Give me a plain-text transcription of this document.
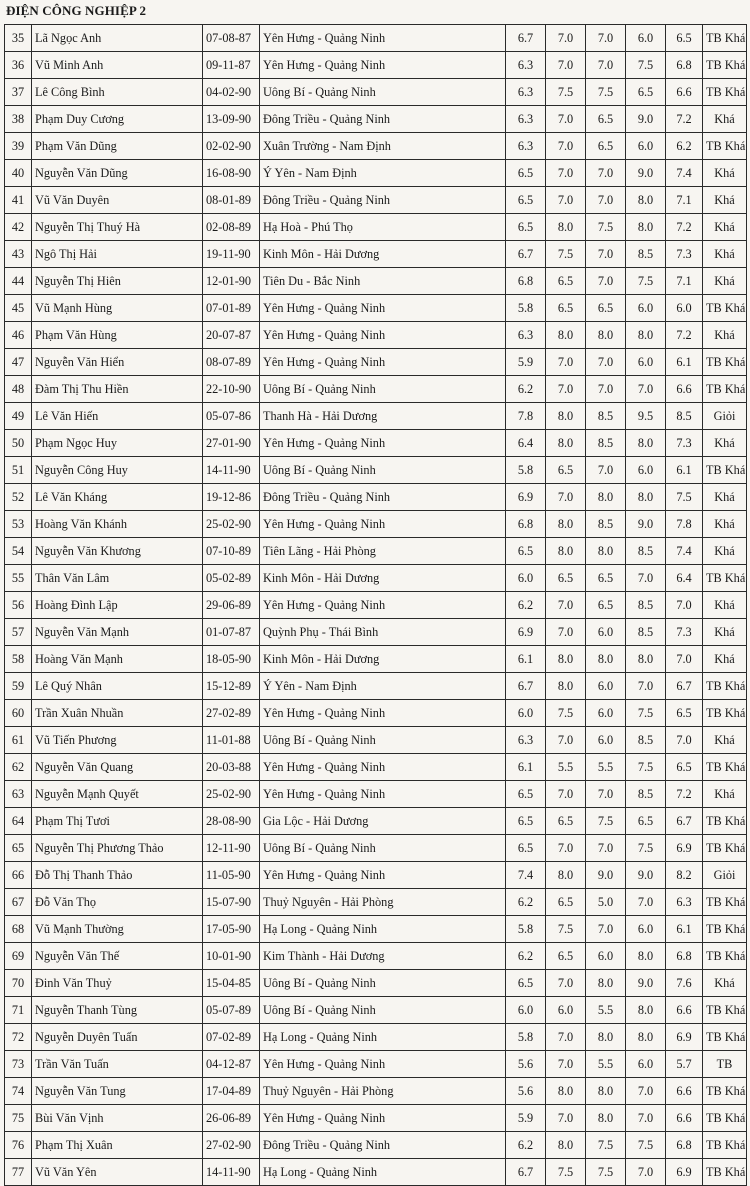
ĐIỆN CÔNG NGHIỆP 2
35	Lã Ngọc Anh	07-08-87	Yên Hưng - Quảng Ninh	6.7	7.0	7.0	6.0	6.5	TB Khá
36	Vũ Minh Anh	09-11-87	Yên Hưng - Quảng Ninh	6.3	7.0	7.0	7.5	6.8	TB Khá
37	Lê Công Bình	04-02-90	Uông Bí - Quảng Ninh	6.3	7.5	7.5	6.5	6.6	TB Khá
38	Phạm Duy Cương	13-09-90	Đông Triều - Quảng Ninh	6.3	7.0	6.5	9.0	7.2	Khá
39	Phạm Văn Dũng	02-02-90	Xuân Trường - Nam Định	6.3	7.0	6.5	6.0	6.2	TB Khá
40	Nguyễn Văn Dũng	16-08-90	Ý Yên - Nam Định	6.5	7.0	7.0	9.0	7.4	Khá
41	Vũ Văn Duyên	08-01-89	Đông Triều - Quảng Ninh	6.5	7.0	7.0	8.0	7.1	Khá
42	Nguyễn Thị Thuý Hà	02-08-89	Hạ Hoà - Phú Thọ	6.5	8.0	7.5	8.0	7.2	Khá
43	Ngô Thị Hải	19-11-90	Kinh Môn - Hải Dương	6.7	7.5	7.0	8.5	7.3	Khá
44	Nguyễn Thị Hiên	12-01-90	Tiên Du - Bắc Ninh	6.8	6.5	7.0	7.5	7.1	Khá
45	Vũ Mạnh Hùng	07-01-89	Yên Hưng - Quảng Ninh	5.8	6.5	6.5	6.0	6.0	TB Khá
46	Phạm Văn Hùng	20-07-87	Yên Hưng - Quảng Ninh	6.3	8.0	8.0	8.0	7.2	Khá
47	Nguyễn Văn Hiển	08-07-89	Yên Hưng - Quảng Ninh	5.9	7.0	7.0	6.0	6.1	TB Khá
48	Đàm Thị Thu Hiền	22-10-90	Uông Bí - Quảng Ninh	6.2	7.0	7.0	7.0	6.6	TB Khá
49	Lê Văn Hiến	05-07-86	Thanh Hà - Hải Dương	7.8	8.0	8.5	9.5	8.5	Giỏi
50	Phạm Ngọc Huy	27-01-90	Yên Hưng - Quảng Ninh	6.4	8.0	8.5	8.0	7.3	Khá
51	Nguyễn Công Huy	14-11-90	Uông Bí - Quảng Ninh	5.8	6.5	7.0	6.0	6.1	TB Khá
52	Lê Văn Kháng	19-12-86	Đông Triều - Quảng Ninh	6.9	7.0	8.0	8.0	7.5	Khá
53	Hoàng Văn Khánh	25-02-90	Yên Hưng - Quảng Ninh	6.8	8.0	8.5	9.0	7.8	Khá
54	Nguyễn Văn Khương	07-10-89	Tiên Lãng - Hải Phòng	6.5	8.0	8.0	8.5	7.4	Khá
55	Thân Văn Lâm	05-02-89	Kinh Môn - Hải Dương	6.0	6.5	6.5	7.0	6.4	TB Khá
56	Hoàng Đình Lập	29-06-89	Yên Hưng - Quảng Ninh	6.2	7.0	6.5	8.5	7.0	Khá
57	Nguyễn Văn Mạnh	01-07-87	Quỳnh Phụ - Thái Bình	6.9	7.0	6.0	8.5	7.3	Khá
58	Hoàng Văn Mạnh	18-05-90	Kinh Môn - Hải Dương	6.1	8.0	8.0	8.0	7.0	Khá
59	Lê Quý Nhân	15-12-89	Ý Yên - Nam Định	6.7	8.0	6.0	7.0	6.7	TB Khá
60	Trần Xuân Nhuần	27-02-89	Yên Hưng - Quảng Ninh	6.0	7.5	6.0	7.5	6.5	TB Khá
61	Vũ Tiến Phương	11-01-88	Uông Bí - Quảng Ninh	6.3	7.0	6.0	8.5	7.0	Khá
62	Nguyễn Văn Quang	20-03-88	Yên Hưng - Quảng Ninh	6.1	5.5	5.5	7.5	6.5	TB Khá
63	Nguyễn Mạnh Quyết	25-02-90	Yên Hưng - Quảng Ninh	6.5	7.0	7.0	8.5	7.2	Khá
64	Phạm Thị Tươi	28-08-90	Gia Lộc - Hải Dương	6.5	6.5	7.5	6.5	6.7	TB Khá
65	Nguyễn Thị Phương Thảo	12-11-90	Uông Bí - Quảng Ninh	6.5	7.0	7.0	7.5	6.9	TB Khá
66	Đỗ Thị Thanh Thảo	11-05-90	Yên Hưng - Quảng Ninh	7.4	8.0	9.0	9.0	8.2	Giỏi
67	Đỗ Văn Thọ	15-07-90	Thuỷ Nguyên - Hải Phòng	6.2	6.5	5.0	7.0	6.3	TB Khá
68	Vũ Mạnh Thường	17-05-90	Hạ Long - Quảng Ninh	5.8	7.5	7.0	6.0	6.1	TB Khá
69	Nguyễn Văn Thế	10-01-90	Kim Thành - Hải Dương	6.2	6.5	6.0	8.0	6.8	TB Khá
70	Đinh Văn Thuỷ	15-04-85	Uông Bí - Quảng Ninh	6.5	7.0	8.0	9.0	7.6	Khá
71	Nguyễn Thanh Tùng	05-07-89	Uông Bí - Quảng Ninh	6.0	6.0	5.5	8.0	6.6	TB Khá
72	Nguyễn Duyên Tuấn	07-02-89	Hạ Long - Quảng Ninh	5.8	7.0	8.0	8.0	6.9	TB Khá
73	Trần Văn Tuấn	04-12-87	Yên Hưng - Quảng Ninh	5.6	7.0	5.5	6.0	5.7	TB
74	Nguyễn Văn Tung	17-04-89	Thuỷ Nguyên - Hải Phòng	5.6	8.0	8.0	7.0	6.6	TB Khá
75	Bùi Văn Vịnh	26-06-89	Yên Hưng - Quảng Ninh	5.9	7.0	8.0	7.0	6.6	TB Khá
76	Phạm Thị Xuân	27-02-90	Đông Triều - Quảng Ninh	6.2	8.0	7.5	7.5	6.8	TB Khá
77	Vũ Văn Yên	14-11-90	Hạ Long - Quảng Ninh	6.7	7.5	7.5	7.0	6.9	TB Khá
